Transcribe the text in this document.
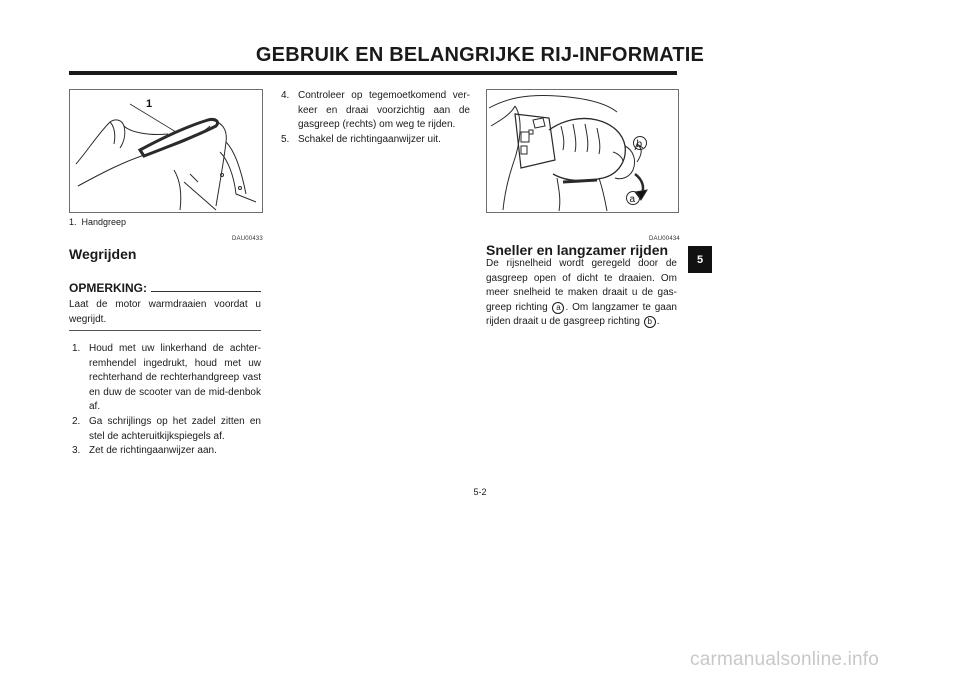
GEBRUIK EN BELANGRIJKE RIJ-INFORMATIE
1
1.  Handgreep
DAU00433
Wegrijden
OPMERKING:

Laat de motor warmdraaien voordat u wegrijdt.

1. Houd met uw linkerhand de achter-remhendel ingedrukt, houd met uw rechterhand de rechterhandgreep vast en duw de scooter van de mid-denbok af.
2. Ga schrijlings op het zadel zitten en stel de achteruitkijkspiegels af.
3. Zet de richtingaanwijzer aan.
4. Controleer op tegemoetkomend ver-keer en draai voorzichtig aan de gasgreep (rechts) om weg te rijden.
5. Schakel de richtingaanwijzer uit.	b
a
DAU00434
Sneller en langzamer rijden

De rijsnelheid wordt geregeld door de gasgreep open of dicht te draaien. Om meer snelheid te maken draait u de gas-greep richting a . Om langzamer te gaan rijden draait u de gasgreep richting b .

5
5-2
carmanualsonline.info
